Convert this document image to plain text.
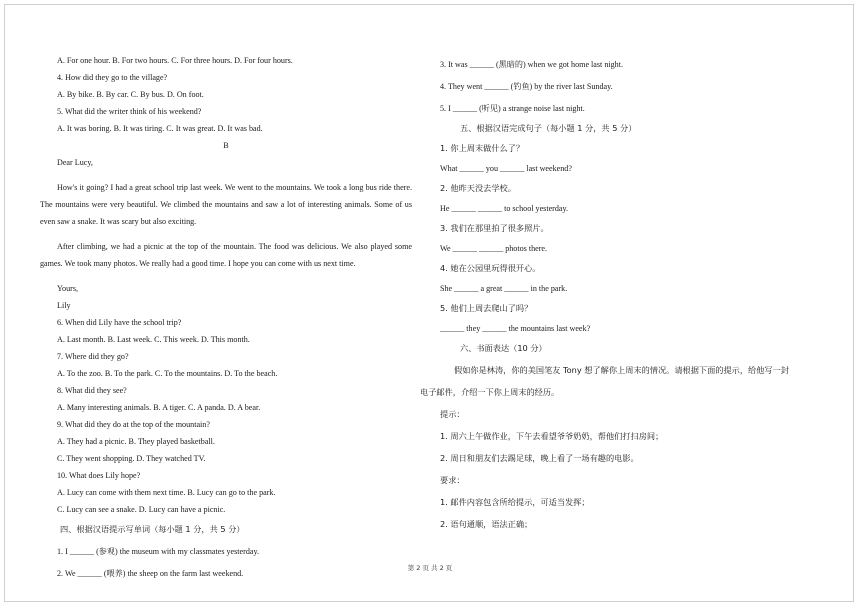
A. For one hour. B. For two hours. C. For three hours. D. For four hours.

4. How did they go to the village?

A. By bike. B. By car. C. By bus. D. On foot.

5. What did the writer think of his weekend?

A. It was boring. B. It was tiring. C. It was great. D. It was bad.

B

Dear Lucy,

How's it going? I had a great school trip last week. We went to the mountains. We took a long bus ride there. The mountains were very beautiful. We climbed the mountains and saw a lot of interesting animals. Some of us even saw a snake. It was scary but also exciting.

After climbing, we had a picnic at the top of the mountain. The food was delicious. We also played some games. We took many photos. We really had a good time. I hope you can come with us next time.

Yours,

Lily

6. When did Lily have the school trip?

A. Last month. B. Last week. C. This week. D. This month.

7. Where did they go?

A. To the zoo. B. To the park. C. To the mountains. D. To the beach.

8. What did they see?

A. Many interesting animals. B. A tiger. C. A panda. D. A bear.

9. What did they do at the top of the mountain?

A. They had a picnic. B. They played basketball.

C. They went shopping. D. They watched TV.

10. What does Lily hope?

A. Lucy can come with them next time. B. Lucy can go to the park.

C. Lucy can see a snake. D. Lucy can have a picnic.

四、根据汉语提示写单词（每小题 1 分，共 5 分）

1. I ______ (参观) the museum with my classmates yesterday.

2. We ______ (喂养) the sheep on the farm last weekend.

3. It was ______ (黑暗的) when we got home last night.

4. They went ______ (钓鱼) by the river last Sunday.

5. I ______ (听见) a strange noise last night.

五、根据汉语完成句子（每小题 1 分，共 5 分）

1. 你上周末做什么了？

What ______ you ______ last weekend?

2. 他昨天没去学校。

He ______ ______ to school yesterday.

3. 我们在那里拍了很多照片。

We ______ ______ photos there.

4. 她在公园里玩得很开心。

She ______ a great ______ in the park.

5. 他们上周去爬山了吗？

______ they ______ the mountains last week?

六、书面表达（10 分）

假如你是林涛，你的美国笔友 Tony 想了解你上周末的情况。请根据下面的提示，给他写一封

电子邮件，介绍一下你上周末的经历。

提示：

1. 周六上午做作业，下午去看望爷爷奶奶，帮他们打扫房间；

2. 周日和朋友们去踢足球，晚上看了一场有趣的电影。

要求：

1. 邮件内容包含所给提示，可适当发挥；

2. 语句通顺，语法正确；

第 2 页 共 2 页
